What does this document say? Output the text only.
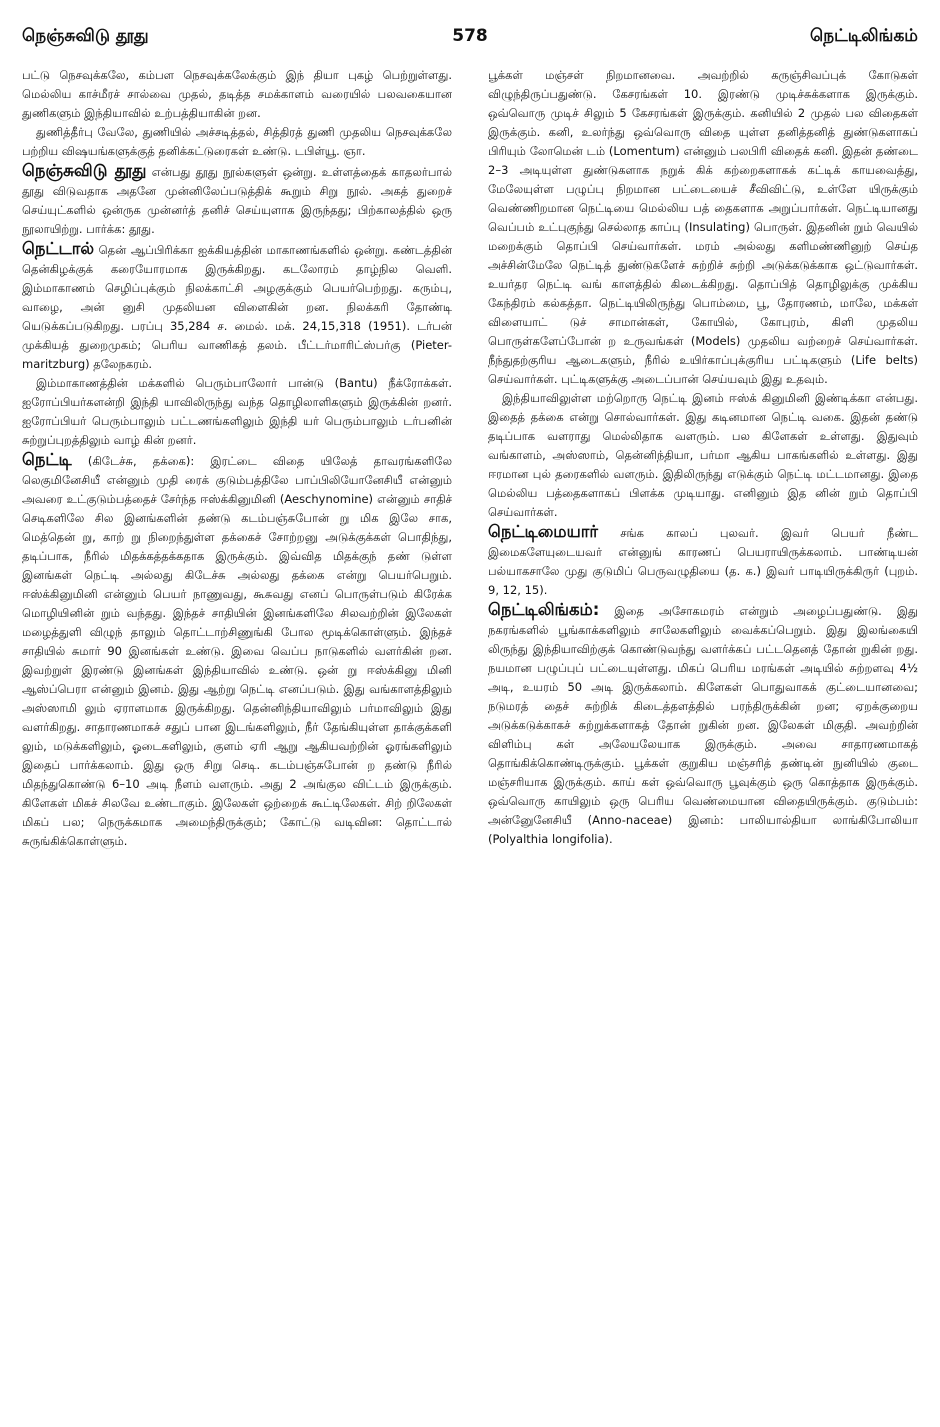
நெஞ்சுவிடு தூது	578	நெட்டிலிங்கம்

பட்டு நெசவுக்கலே, கம்பள நெசவுக்கலேக்கும் இந் தியா புகழ் பெற்றுள்ளது. மெல்லிய காச்மீரச் சால்வை முதல், தடித்த சமக்காளம் வரையில் பலவகையான துணிகளும் இந்தியாவில் உற்பத்தியாகின் றன.

துணித்தீர்பு வேலே, துணியில் அச்சடித்தல், சித்திரத் துணி முதலிய நெசவுக்கலே பற்றிய விஷயங்களுக்குத் தனிக்கட்டுரைகள் உண்டு. டபிள்யூ. ஞா.

நெஞ்சுவிடு தூது என்பது தூது நூல்களுள் ஒன்று. உள்ளத்தைக் காதலர்பால் தூது விடுவதாக அதனே முன்னிலேப்படுத்திக் கூறும் சிறு நூல். அகத் துறைச் செய்யுட்களில் ஒன்ருக முன்னர்த் தனிச் செய்யுளாக இருந்தது; பிற்காலத்தில் ஒரு நூலாயிற்று. பார்க்க: தூது.

நெட்டால் தென் ஆப்பிரிக்கா ஐக்கியத்தின் மாகாணங்களில் ஒன்று. கண்டத்தின் தென்கிழக்குக் கரையோரமாக இருக்கிறது. கடலோரம் தாழ்நில வெளி. இம்மாகாணம் செழிப்புக்கும் நிலக்காட்சி அழகுக்கும் பெயர்பெற்றது. கரும்பு, வாழை, அன் னுசி முதலியன விளைகின் றன. நிலக்கரி தோண்டி யெடுக்கப்படுகிறது. பரப்பு 35,284 ச. மைல். மக். 24,15,318 (1951). டர்பன் முக்கியத் துறைமுகம்; பெரிய வாணிகத் தலம். பீட்டர்மாரிட்ஸ்பர்கு (Pieter-maritzburg) தலேநகரம்.

இம்மாகாணத்தின் மக்களில் பெரும்பாலோர் பான்டு (Bantu) நீக்ரோக்கள். ஐரோப்பியர்களன்றி இந்தி யாவிலிருந்து வந்த தொழிலாளிகளும் இருக்கின் றனர். ஐரோப்பியர் பெரும்பாலும் பட்டணங்களிலும் இந்தி யர் பெரும்பாலும் டர்பனின் சுற்றுப்புறத்திலும் வாழ் கின் றனர்.

நெட்டி (கிடேச்சு, தக்கை): இரட்டை விதை யிலேத் தாவரங்களிலே லெகுமினேசியீ என்னும் முதி ரைக் குடும்பத்திலே பாப்பிலியோனேசியீ என்னும் அவரை உட்குடும்பத்தைச் சேர்ந்த ஈஸ்க்கினுமினி (Aeschynomine) என்னும் சாதிச் செடிகளிலே சில இனங்களின் தண்டு கடம்பஞ்சுபோன் று மிக இலே சாக, மெத்தென் று, காற் று நிறைந்துள்ள தக்கைச் சோற்றனு அடுக்குக்கள் பொதிந்து, தடிப்பாக, நீரில் மிதக்கத்தக்கதாக இருக்கும். இவ்வித மிதக்குந் தண் டுள்ள இனங்கள் நெட்டி அல்லது கிடேச்சு அல்லது தக்கை என்று பெயர்பெறும். ஈஸ்க்கினுமினி என்னும் பெயர் நாணுவது, கூசுவது எனப் பொருள்படும் கிரேக்க மொழியினின் றும் வந்தது. இந்தச் சாதியின் இனங்களிலே சிலவற்றின் இலேகள் மழைத்துளி விழுந் தாலும் தொட்டாற்சிணுங்கி போல மூடிக்கொள்ளும். இந்தச் சாதியில் சுமார் 90 இனங்கள் உண்டு. இவை வெப்ப நாடுகளில் வளர்கின் றன. இவற்றுள் இரண்டு இனங்கள் இந்தியாவில் உண்டு. ஒன் று ஈஸ்க்கினு மினி ஆஸ்ப்பெரா என்னும் இனம். இது ஆற்று நெட்டி எனப்படும். இது வங்காளத்திலும் அஸ்ஸாமி லும் ஏராளமாக இருக்கிறது. தென்னிந்தியாவிலும் பர்மாவிலும் இது வளர்கிறது. சாதாரணமாகச் சதுப் பான இடங்களிலும், நீர் தேங்கியுள்ள தாக்குக்களி லும், மடுக்களிலும், ஓடைகளிலும், குளம் ஏரி ஆறு ஆகியவற்றின் ஓரங்களிலும் இதைப் பார்க்கலாம். இது ஒரு சிறு செடி. கடம்பஞ்சுபோன் ற தண்டு நீரில் மிதந்துகொண்டு 6–10 அடி நீளம் வளரும். அது 2 அங்குல விட்டம் இருக்கும். கிளேகள் மிகச் சிலவே உண்டாகும். இலேகள் ஒற்றைக் கூட்டிலேகள். சிற் றிலேகள் மிகப் பல; நெருக்கமாக அமைந்திருக்கும்; கோட்டு வடிவின: தொட்டால் சுருங்கிக்கொள்ளும்.

பூக்கள் மஞ்சள் நிறமானவை. அவற்றில் கருஞ்சிவப்புக் கோடுகள் விழுந்திருப்பதுண்டு. கேசரங்கள் 10. இரண்டு முடிச்சுக்களாக இருக்கும். ஒவ்வொரு முடிச் சிலும் 5 கேசரங்கள் இருக்கும். கனியில் 2 முதல் பல விதைகள் இருக்கும். கனி, உலர்ந்து ஒவ்வொரு விதை யுள்ள தனித்தனித் துண்டுகளாகப் பிரியும் லோமென் டம் (Lomentum) என்னும் பலபிரி விதைக் கனி. இதன் தண்டை 2–3 அடியுள்ள துண்டுகளாக நறுக் கிக் கற்றைகளாகக் கட்டிக் காயவைத்து, மேலேயுள்ள பழுப்பு நிறமான பட்டையைச் சீவிவிட்டு, உள்ளே யிருக்கும் வெண்ணிறமான நெட்டியை மெல்லிய பத் தைகளாக அறுப்பார்கள். நெட்டியானது வெப்பம் உட்புகுந்து செல்லாத காப்பு (Insulating) பொருள். இதனின் றும் வெயில் மறைக்கும் தொப்பி செய்வார்கள். மரம் அல்லது களிமண்ணினுற் செய்த அச்சின்மேலே நெட்டித் துண்டுகளேச் சுற்றிச் சுற்றி அடுக்கடுக்காக ஒட்டுவார்கள். உயர்தர நெட்டி வங் காளத்தில் கிடைக்கிறது. தொப்பித் தொழிலுக்கு முக்கிய கேந்திரம் கல்கத்தா. நெட்டியிலிருந்து பொம்மை, பூ, தோரணம், மாலே, மக்கள் விளையாட் டுச் சாமான்கள், கோயில், கோபுரம், கிளி முதலிய பொருள்களேப்போன் ற உருவங்கள் (Models) முதலிய வற்றைச் செய்வார்கள். நீந்துதற்குரிய ஆடைகளும், நீரில் உயிர்காப்புக்குரிய பட்டிகளும் (Life belts) செய்வார்கள். புட்டிகளுக்கு அடைப்பான் செய்யவும் இது உதவும்.

இந்தியாவிலுள்ள மற்றொரு நெட்டி இனம் ஈஸ்க் கினுமினி இண்டிக்கா என்பது. இதைத் தக்கை என்று சொல்வார்கள். இது கடினமான நெட்டி வகை. இதன் தண்டு தடிப்பாக வளராது மெல்லிதாக வளரும். பல கிளேகள் உள்ளது. இதுவும் வங்காளம், அஸ்ஸாம், தென்னிந்தியா, பர்மா ஆகிய பாகங்களில் உள்ளது. இது ஈரமான புல் தரைகளில் வளரும். இதிலிருந்து எடுக்கும் நெட்டி மட்டமானது. இதை மெல்லிய பத்தைகளாகப் பிளக்க முடியாது. எனினும் இத னின் றும் தொப்பி செய்வார்கள்.

நெட்டிமையார் சங்க காலப் புலவர். இவர் பெயர் நீண்ட இமைகளேயுடையவர் என்னுங் காரணப் பெயராயிருக்கலாம். பாண்டியன் பல்யாகசாலே முது குடுமிப் பெருவழுதியை (த. க.) இவர் பாடியிருக்கிருர் (புறம். 9, 12, 15).

நெட்டிலிங்கம்: இதை அசோகமரம் என்றும் அழைப்பதுண்டு. இது நகரங்களில் பூங்காக்களிலும் சாலேகளிலும் வைக்கப்பெறும். இது இலங்கையி லிருந்து இந்தியாவிற்குக் கொண்டுவந்து வளர்க்கப் பட்டதெனத் தோன் றுகின் றது. நயமான பழுப்புப் பட்டையுள்ளது. மிகப் பெரிய மரங்கள் அடியில் சுற்றளவு 4½ அடி, உயரம் 50 அடி இருக்கலாம். கிளேகள் பொதுவாகக் குட்டையானவை; நடுமரத் தைச் சுற்றிக் கிடைத்தளத்தில் பரந்திருக்கின் றன; ஏறக்குறைய அடுக்கடுக்காகச் சுற்றுக்களாகத் தோன் றுகின் றன. இலேகள் மிகுதி. அவற்றின் விளிம்பு கள் அலேயலேயாக இருக்கும். அவை சாதாரணமாகத் தொங்கிக்கொண்டிருக்கும். பூக்கள் குறுகிய மஞ்சரித் தண்டின் நுனியில் குடை மஞ்சரியாக இருக்கும். காய் கள் ஒவ்வொரு பூவுக்கும் ஒரு கொத்தாக இருக்கும். ஒவ்வொரு காயிலும் ஒரு பெரிய வெண்மையான விதையிருக்கும். குடும்பம்: அன்னுேனேசியீ (Anno-naceae) இனம்: பாலியால்தியா லாங்கிபோலியா (Polyalthia longifolia).
